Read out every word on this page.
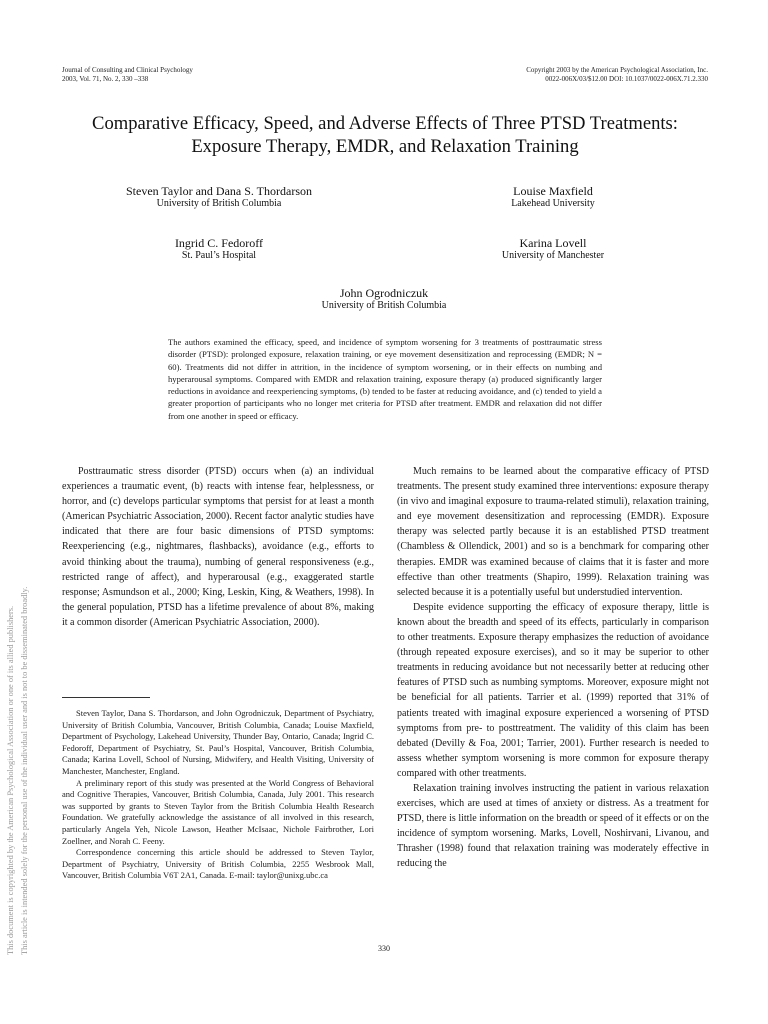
Journal of Consulting and Clinical Psychology
2003, Vol. 71, No. 2, 330 –338
Copyright 2003 by the American Psychological Association, Inc.
0022-006X/03/$12.00 DOI: 10.1037/0022-006X.71.2.330
Comparative Efficacy, Speed, and Adverse Effects of Three PTSD Treatments: Exposure Therapy, EMDR, and Relaxation Training
Steven Taylor and Dana S. Thordarson
University of British Columbia
Louise Maxfield
Lakehead University
Ingrid C. Fedoroff
St. Paul’s Hospital
Karina Lovell
University of Manchester
John Ogrodniczuk
University of British Columbia
The authors examined the efficacy, speed, and incidence of symptom worsening for 3 treatments of posttraumatic stress disorder (PTSD): prolonged exposure, relaxation training, or eye movement desensitization and reprocessing (EMDR; N = 60). Treatments did not differ in attrition, in the incidence of symptom worsening, or in their effects on numbing and hyperarousal symptoms. Compared with EMDR and relaxation training, exposure therapy (a) produced significantly larger reductions in avoidance and reexperiencing symptoms, (b) tended to be faster at reducing avoidance, and (c) tended to yield a greater proportion of participants who no longer met criteria for PTSD after treatment. EMDR and relaxation did not differ from one another in speed or efficacy.

Posttraumatic stress disorder (PTSD) occurs when (a) an individual experiences a traumatic event, (b) reacts with intense fear, helplessness, or horror, and (c) develops particular symptoms that persist for at least a month (American Psychiatric Association, 2000). Recent factor analytic studies have indicated that there are four basic dimensions of PTSD symptoms: Reexperiencing (e.g., nightmares, flashbacks), avoidance (e.g., efforts to avoid thinking about the trauma), numbing of general responsiveness (e.g., restricted range of affect), and hyperarousal (e.g., exaggerated startle response; Asmundson et al., 2000; King, Leskin, King, & Weathers, 1998). In the general population, PTSD has a lifetime prevalence of about 8%, making it a common disorder (American Psychiatric Association, 2000).

Steven Taylor, Dana S. Thordarson, and John Ogrodniczuk, Department of Psychiatry, University of British Columbia, Vancouver, British Columbia, Canada; Louise Maxfield, Department of Psychology, Lakehead University, Thunder Bay, Ontario, Canada; Ingrid C. Fedoroff, Department of Psychiatry, St. Paul’s Hospital, Vancouver, British Columbia, Canada; Karina Lovell, School of Nursing, Midwifery, and Health Visiting, University of Manchester, Manchester, England.

A preliminary report of this study was presented at the World Congress of Behavioral and Cognitive Therapies, Vancouver, British Columbia, Canada, July 2001. This research was supported by grants to Steven Taylor from the British Columbia Health Research Foundation. We gratefully acknowledge the assistance of all involved in this research, particularly Angela Yeh, Nicole Lawson, Heather McIsaac, Nichole Fairbrother, Lori Zoellner, and Norah C. Feeny.

Correspondence concerning this article should be addressed to Steven Taylor, Department of Psychiatry, University of British Columbia, 2255 Wesbrook Mall, Vancouver, British Columbia V6T 2A1, Canada. E-mail: taylor@unixg.ubc.ca

Much remains to be learned about the comparative efficacy of PTSD treatments. The present study examined three interventions: exposure therapy (in vivo and imaginal exposure to trauma-related stimuli), relaxation training, and eye movement desensitization and reprocessing (EMDR). Exposure therapy was selected partly because it is an established PTSD treatment (Chambless & Ollendick, 2001) and so is a benchmark for comparing other therapies. EMDR was examined because of claims that it is faster and more effective than other treatments (Shapiro, 1999). Relaxation training was selected because it is a potentially useful but understudied intervention.

Despite evidence supporting the efficacy of exposure therapy, little is known about the breadth and speed of its effects, particularly in comparison to other treatments. Exposure therapy emphasizes the reduction of avoidance (through repeated exposure exercises), and so it may be superior to other treatments in reducing avoidance but not necessarily better at reducing other features of PTSD such as numbing symptoms. Moreover, exposure might not be beneficial for all patients. Tarrier et al. (1999) reported that 31% of patients treated with imaginal exposure experienced a worsening of PTSD symptoms from pre- to posttreatment. The validity of this claim has been debated (Devilly & Foa, 2001; Tarrier, 2001). Further research is needed to assess whether symptom worsening is more common for exposure therapy compared with other treatments.

Relaxation training involves instructing the patient in various relaxation exercises, which are used at times of anxiety or distress. As a treatment for PTSD, there is little information on the breadth or speed of it effects or on the incidence of symptom worsening. Marks, Lovell, Noshirvani, Livanou, and Thrasher (1998) found that relaxation training was moderately effective in reducing the

330
This document is copyrighted by the American Psychological Association or one of its allied publishers. This article is intended solely for the personal use of the individual user and is not to be disseminated broadly.
